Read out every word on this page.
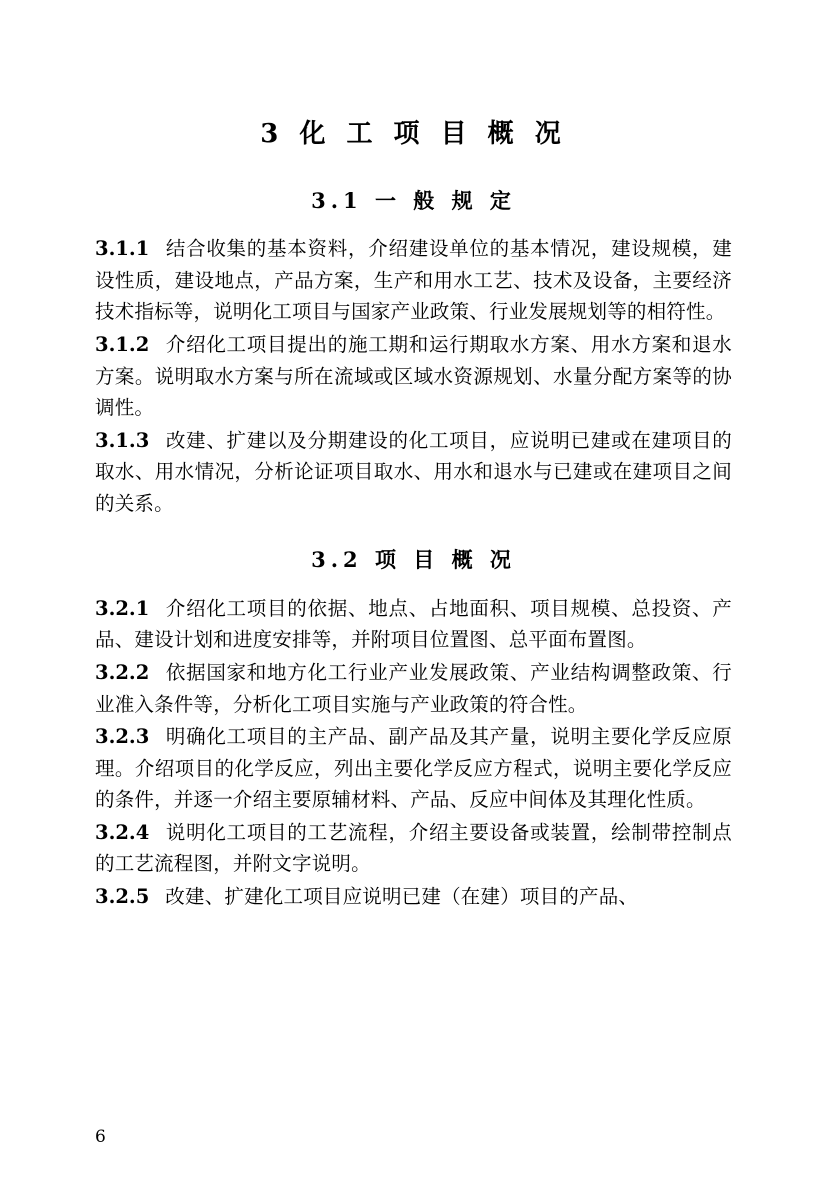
3 化 工 项 目 概 况
3.1 一 般 规 定

3.1.1 结合收集的基本资料，介绍建设单位的基本情况，建设规模，建设性质，建设地点，产品方案，生产和用水工艺、技术及设备，主要经济技术指标等，说明化工项目与国家产业政策、行业发展规划等的相符性。

3.1.2 介绍化工项目提出的施工期和运行期取水方案、用水方案和退水方案。说明取水方案与所在流域或区域水资源规划、水量分配方案等的协调性。

3.1.3 改建、扩建以及分期建设的化工项目，应说明已建或在建项目的取水、用水情况，分析论证项目取水、用水和退水与已建或在建项目之间的关系。

3.2 项 目 概 况

3.2.1 介绍化工项目的依据、地点、占地面积、项目规模、总投资、产品、建设计划和进度安排等，并附项目位置图、总平面布置图。

3.2.2 依据国家和地方化工行业产业发展政策、产业结构调整政策、行业准入条件等，分析化工项目实施与产业政策的符合性。

3.2.3 明确化工项目的主产品、副产品及其产量，说明主要化学反应原理。介绍项目的化学反应，列出主要化学反应方程式，说明主要化学反应的条件，并逐一介绍主要原辅材料、产品、反应中间体及其理化性质。

3.2.4 说明化工项目的工艺流程，介绍主要设备或装置，绘制带控制点的工艺流程图，并附文字说明。

3.2.5 改建、扩建化工项目应说明已建（在建）项目的产品、

6
